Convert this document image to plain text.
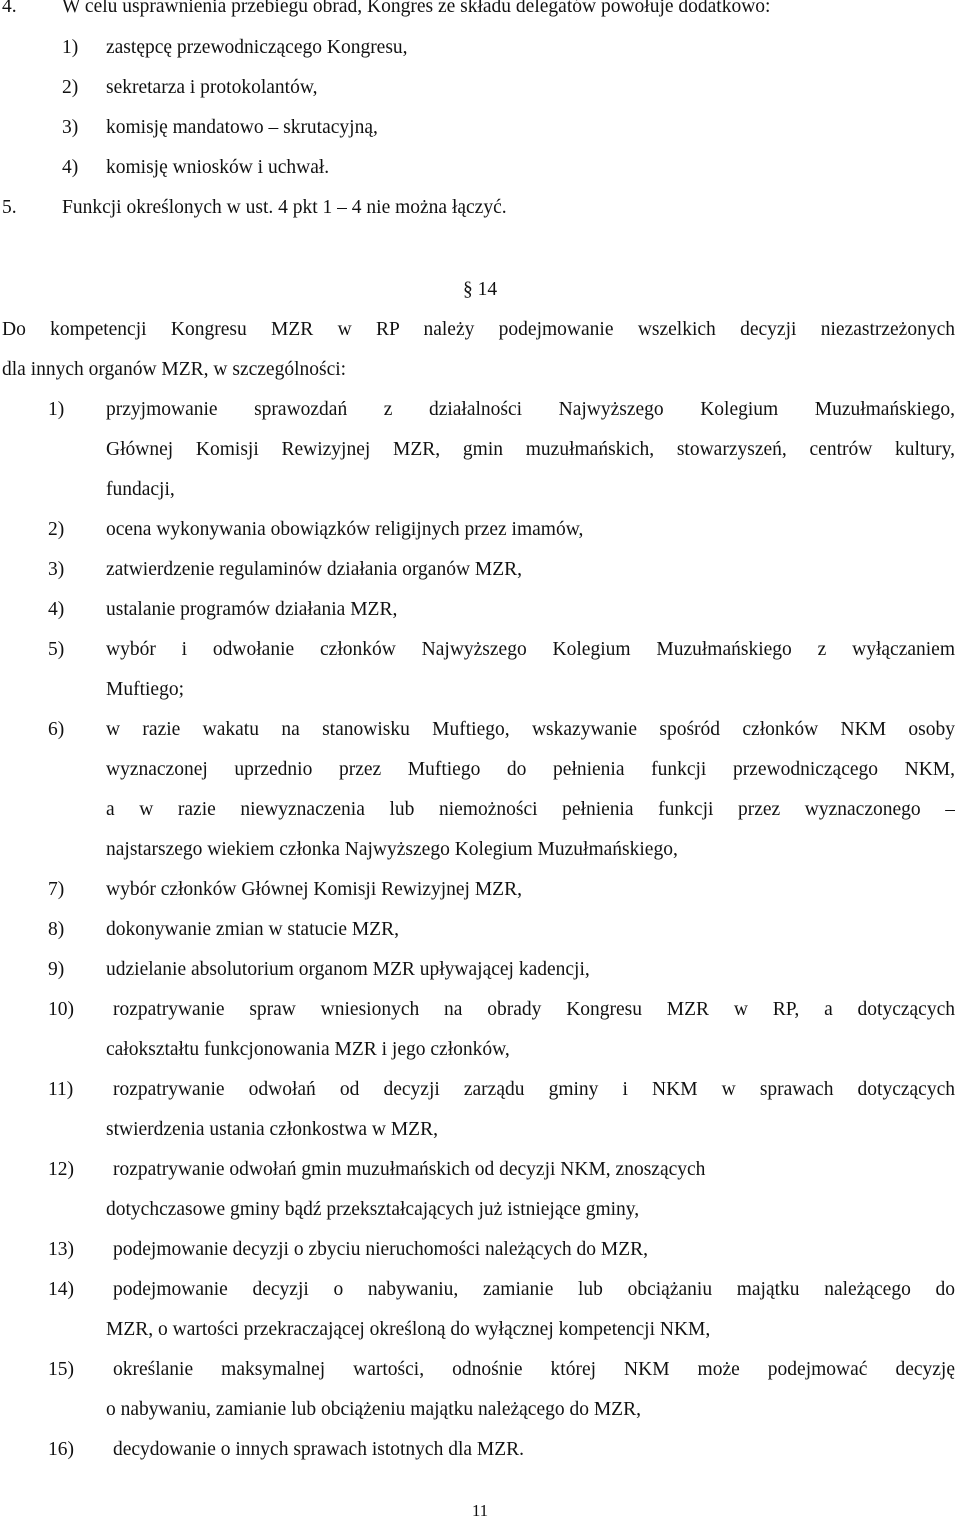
4. W celu usprawnienia przebiegu obrad, Kongres ze składu delegatów powołuje dodatkowo:
1) zastępcę przewodniczącego Kongresu,
2) sekretarza i protokolantów,
3) komisję mandatowo – skrutacyjną,
4) komisję wniosków i uchwał.
5. Funkcji określonych w ust. 4 pkt 1 – 4 nie można łączyć.
§ 14
Do kompetencji Kongresu MZR w RP należy podejmowanie wszelkich decyzji niezastrzeżonych
dla innych organów MZR, w szczególności:
1) przyjmowanie sprawozdań z działalności Najwyższego Kolegium Muzułmańskiego,
Głównej Komisji Rewizyjnej MZR, gmin muzułmańskich, stowarzyszeń, centrów kultury,
fundacji,
2) ocena wykonywania obowiązków religijnych przez imamów,
3) zatwierdzenie regulaminów działania organów MZR,
4) ustalanie programów działania MZR,
5) wybór i odwołanie członków Najwyższego Kolegium Muzułmańskiego z wyłączaniem
Muftiego;
6) w razie wakatu na stanowisku Muftiego, wskazywanie spośród członków NKM osoby
wyznaczonej uprzednio przez Muftiego do pełnienia funkcji przewodniczącego NKM,
a w razie niewyznaczenia lub niemożności pełnienia funkcji przez wyznaczonego –
najstarszego wiekiem członka Najwyższego Kolegium Muzułmańskiego,
7) wybór członków Głównej Komisji Rewizyjnej MZR,
8) dokonywanie zmian w statucie MZR,
9) udzielanie absolutorium organom MZR upływającej kadencji,
10) rozpatrywanie spraw wniesionych na obrady Kongresu MZR w RP, a dotyczących
całokształtu funkcjonowania MZR i jego członków,
11) rozpatrywanie odwołań od decyzji zarządu gminy i NKM w sprawach dotyczących
stwierdzenia ustania członkostwa w MZR,
12) rozpatrywanie odwołań gmin muzułmańskich od decyzji NKM, znoszących
dotychczasowe gminy bądź przekształcających już istniejące gminy,
13) podejmowanie decyzji o zbyciu nieruchomości należących do MZR,
14) podejmowanie decyzji o nabywaniu, zamianie lub obciążaniu majątku należącego do
MZR, o wartości przekraczającej określoną do wyłącznej kompetencji NKM,
15) określanie maksymalnej wartości, odnośnie której NKM może podejmować decyzję
o nabywaniu, zamianie lub obciążeniu majątku należącego do MZR,
16) decydowanie o innych sprawach istotnych dla MZR.
11
